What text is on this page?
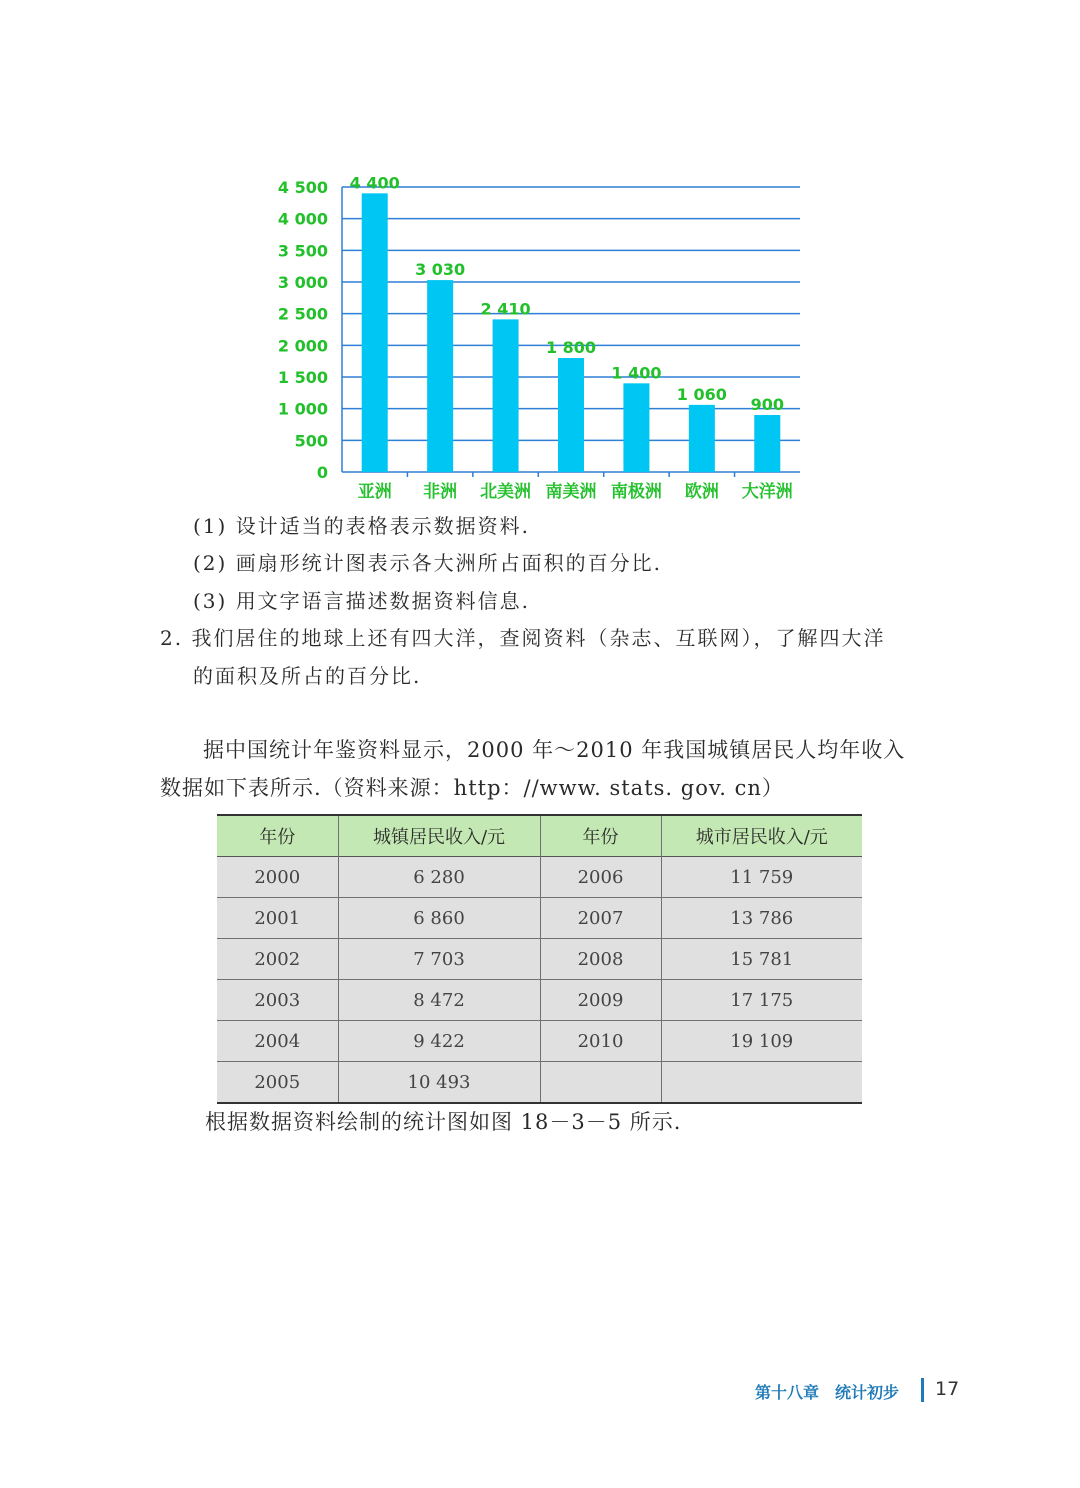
0
500
1 000
1 500
2 000
2 500
3 000
3 500
4 000
4 500 4 400
亚洲
3 030
非洲
2 410
北美洲
1 800
南美洲
1 400
南极洲
1 060
欧洲
900
大洋洲
(1) 设计适当的表格表示数据资料.
(2) 画扇形统计图表示各大洲所占面积的百分比.
(3) 用文字语言描述数据资料信息.
2. 我们居住的地球上还有四大洋，查阅资料（杂志、互联网），了解四大洋
的面积及所占的百分比.
据中国统计年鉴资料显示，2000 年～2010 年我国城镇居民人均年收入
数据如下表所示.（资料来源：http：//www. stats. gov. cn）
年份	城镇居民收入/元	年份	城市居民收入/元
2000	6 280	2006	11 759
2001	6 860	2007	13 786
2002	7 703	2008	15 781
2003	8 472	2009	17 175
2004	9 422	2010	19 109
2005	10 493		
根据数据资料绘制的统计图如图 18－3－5 所示.
第十八章　统计初步 17
